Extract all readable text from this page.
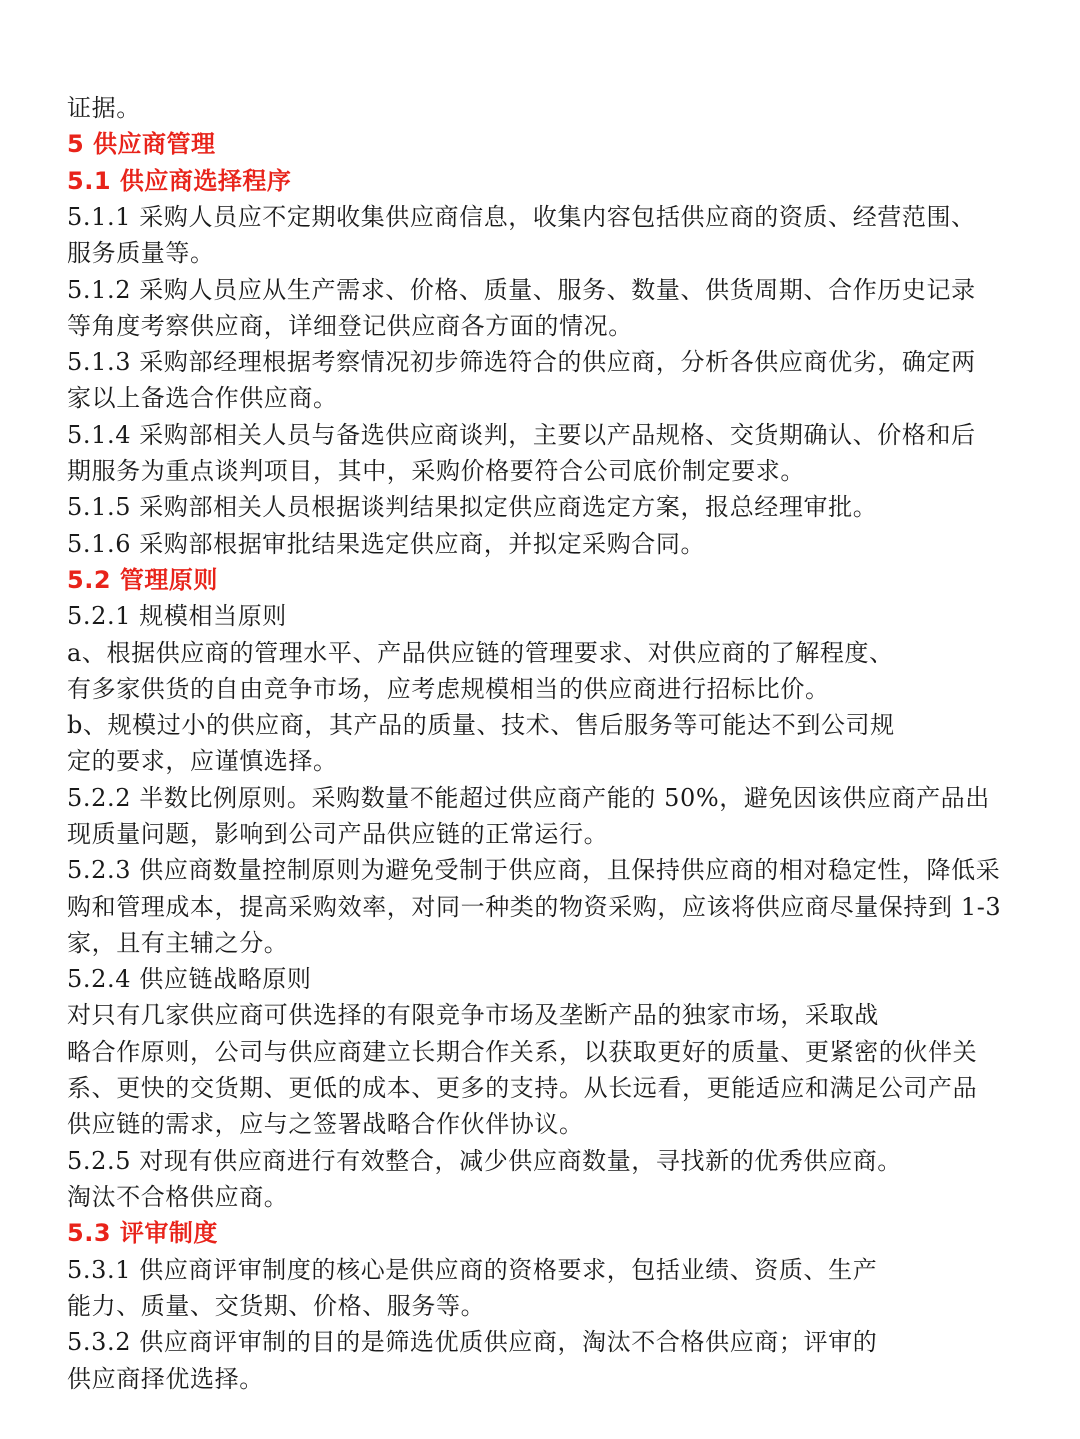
证据。
5 供应商管理
5.1 供应商选择程序
5.1.1 采购人员应不定期收集供应商信息，收集内容包括供应商的资质、经营范围、
服务质量等。
5.1.2 采购人员应从生产需求、价格、质量、服务、数量、供货周期、合作历史记录
等角度考察供应商，详细登记供应商各方面的情况。
5.1.3 采购部经理根据考察情况初步筛选符合的供应商，分析各供应商优劣，确定两
家以上备选合作供应商。
5.1.4 采购部相关人员与备选供应商谈判，主要以产品规格、交货期确认、价格和后
期服务为重点谈判项目，其中，采购价格要符合公司底价制定要求。
5.1.5 采购部相关人员根据谈判结果拟定供应商选定方案，报总经理审批。
5.1.6 采购部根据审批结果选定供应商，并拟定采购合同。
5.2 管理原则
5.2.1 规模相当原则
a、根据供应商的管理水平、产品供应链的管理要求、对供应商的了解程度、
有多家供货的自由竞争市场，应考虑规模相当的供应商进行招标比价。
b、规模过小的供应商，其产品的质量、技术、售后服务等可能达不到公司规
定的要求，应谨慎选择。
5.2.2 半数比例原则。采购数量不能超过供应商产能的 50%，避免因该供应商产品出
现质量问题，影响到公司产品供应链的正常运行。
5.2.3 供应商数量控制原则为避免受制于供应商，且保持供应商的相对稳定性，降低采
购和管理成本，提高采购效率，对同一种类的物资采购，应该将供应商尽量保持到 1-3
家，且有主辅之分。
5.2.4 供应链战略原则
对只有几家供应商可供选择的有限竞争市场及垄断产品的独家市场，采取战
略合作原则，公司与供应商建立长期合作关系，以获取更好的质量、更紧密的伙伴关
系、更快的交货期、更低的成本、更多的支持。从长远看，更能适应和满足公司产品
供应链的需求，应与之签署战略合作伙伴协议。
5.2.5 对现有供应商进行有效整合，减少供应商数量，寻找新的优秀供应商。
淘汰不合格供应商。
5.3 评审制度
5.3.1 供应商评审制度的核心是供应商的资格要求，包括业绩、资质、生产
能力、质量、交货期、价格、服务等。
5.3.2 供应商评审制的目的是筛选优质供应商，淘汰不合格供应商；评审的
供应商择优选择。
